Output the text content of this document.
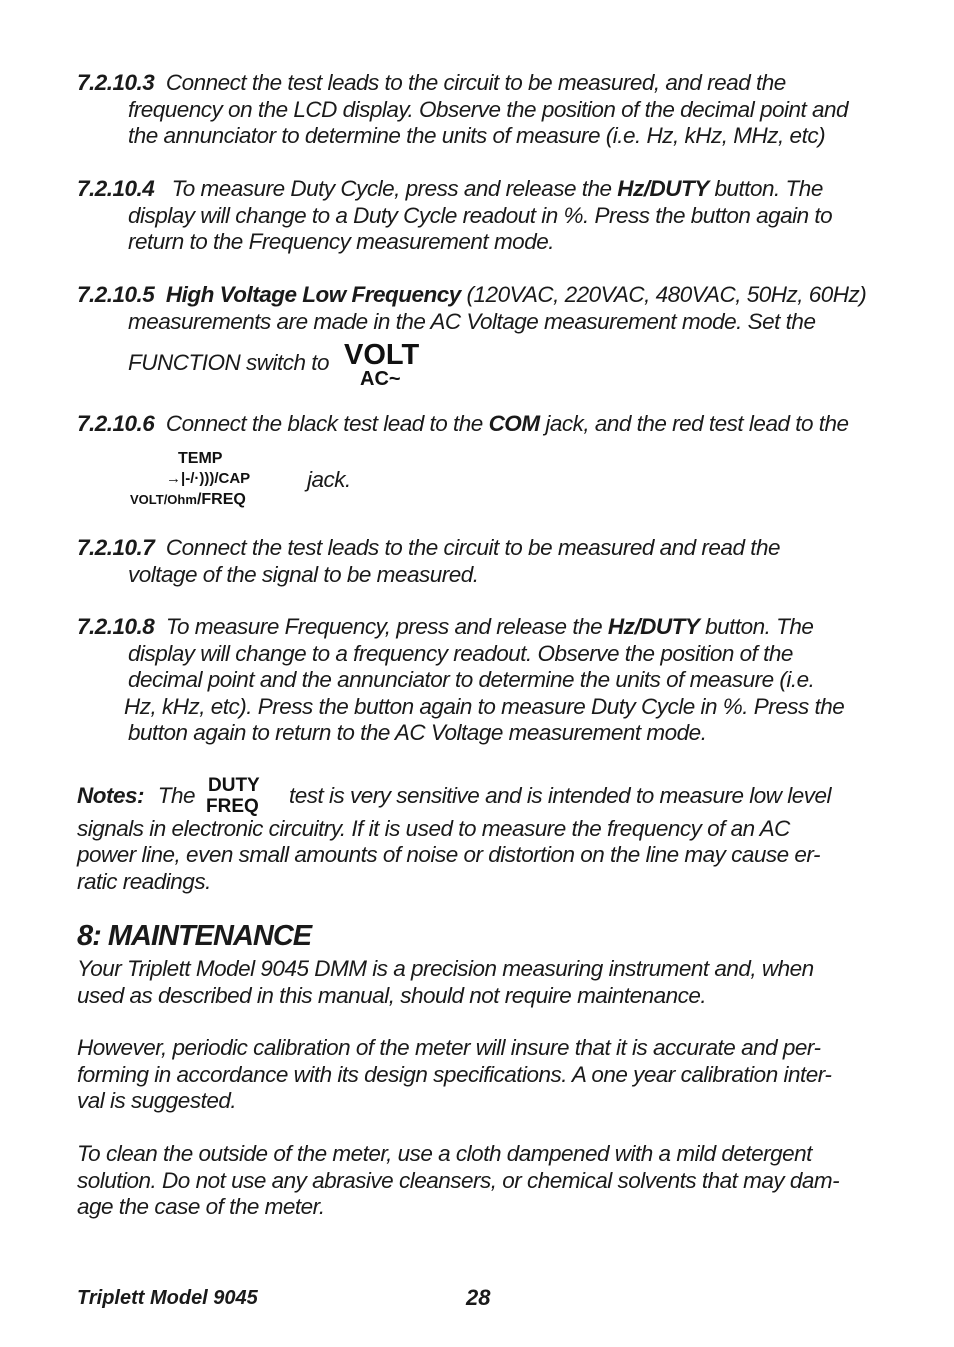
7.2.10.3 Connect the test leads to the circuit to be measured, and read the
frequency on the LCD display. Observe the position of the decimal point and
the annunciator to determine the units of measure (i.e. Hz, kHz, MHz, etc)
7.2.10.4 To measure Duty Cycle, press and release the Hz/DUTY button. The
display will change to a Duty Cycle readout in %. Press the button again to
return to the Frequency measurement mode.
7.2.10.5 High Voltage Low Frequency (120VAC, 220VAC, 480VAC, 50Hz, 60Hz)
measurements are made in the AC Voltage measurement mode. Set the
FUNCTION switch to VOLT
AC~
7.2.10.6 Connect the black test lead to the COM jack, and the red test lead to the
TEMP
→|-/·)))/CAP
VOLT/Ohm/FREQ
jack.
7.2.10.7 Connect the test leads to the circuit to be measured and read the
voltage of the signal to be measured.
7.2.10.8 To measure Frequency, press and release the Hz/DUTY button. The
display will change to a frequency readout. Observe the position of the
decimal point and the annunciator to determine the units of measure (i.e.
Hz, kHz, etc). Press the button again to measure Duty Cycle in %. Press the
button again to return to the AC Voltage measurement mode.
Notes: The	test is very sensitive and is intended to measure low level
signals in electronic circuitry. If it is used to measure the frequency of an AC
power line, even small amounts of noise or distortion on the line may cause er-
ratic readings.
DUTY
FREQ
8: MAINTENANCE
Your Triplett Model 9045 DMM is a precision measuring instrument and, when
used as described in this manual, should not require maintenance.
However, periodic calibration of the meter will insure that it is accurate and per-
forming in accordance with its design specifications. A one year calibration inter-
val is suggested.
To clean the outside of the meter, use a cloth dampened with a mild detergent
solution. Do not use any abrasive cleansers, or chemical solvents that may dam-
age the case of the meter.
Triplett Model 9045	28
